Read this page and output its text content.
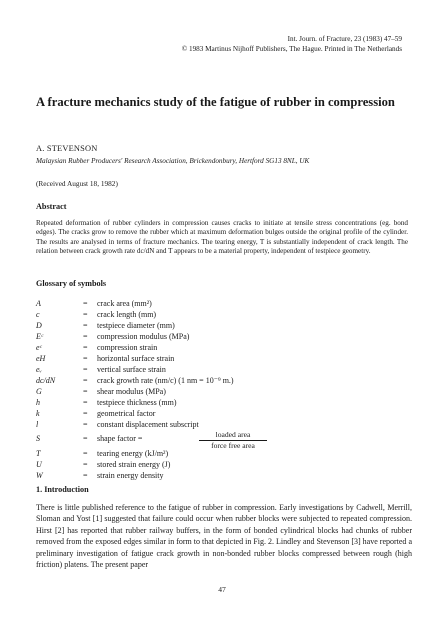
Int. Journ. of Fracture, 23 (1983) 47–59
© 1983 Martinus Nijhoff Publishers, The Hague. Printed in The Netherlands
A fracture mechanics study of the fatigue of rubber in compression
A. STEVENSON
Malaysian Rubber Producers' Research Association, Brickendonbury, Hertford SG13 8NL, UK
(Received August 18, 1982)
Abstract
Repeated deformation of rubber cylinders in compression causes cracks to initiate at tensile stress concentrations (eg. bond edges). The cracks grow to remove the rubber which at maximum deformation bulges outside the original profile of the cylinder. The results are analysed in terms of fracture mechanics. The tearing energy, T is substantially independent of crack length. The relation between crack growth rate dc/dN and T appears to be a material property, independent of testpiece geometry.
Glossary of symbols
A	= crack area (mm²)
c	= crack length (mm)
D	= testpiece diameter (mm)
Eᶜ	= compression modulus (MPa)
eᶜ	= compression strain
eH	= horizontal surface strain
eᵥ	= vertical surface strain
dc/dN	= crack growth rate (nm/c) (1 nm = 10⁻⁹ m.)
G	= shear modulus (MPa)
h	= testpiece thickness (mm)
k	= geometrical factor
l	= constant displacement subscript
S	= shape factor =	loaded area
force free area
T	= tearing energy (kJ/m²)
U	= stored strain energy (J)
W	= strain energy density
1. Introduction
There is little published reference to the fatigue of rubber in compression. Early investigations by Cadwell, Merrill, Sloman and Yost [1] suggested that failure could occur when rubber blocks were subjected to repeated compression. Hirst [2] has reported that rubber railway buffers, in the form of bonded cylindrical blocks had chunks of rubber removed from the exposed edges similar in form to that depicted in Fig. 2. Lindley and Stevenson [3] have reported a preliminary investigation of fatigue crack growth in non-bonded rubber blocks compressed between rough (high friction) platens. The present paper
47
